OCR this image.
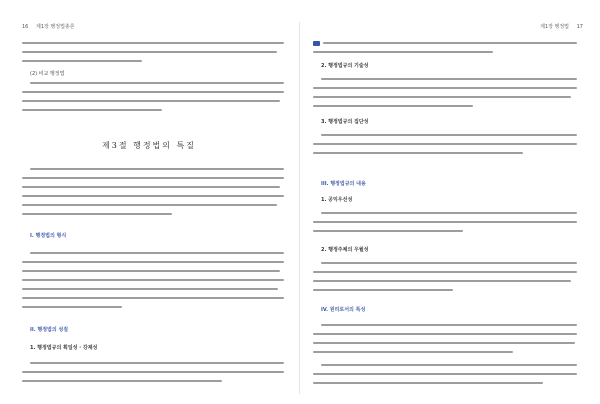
16 제1장 행정법총론
(2) 비교 행정법
제3절 행정법의 특질
I. 행정법의 형식
II. 행정법의 성질
1. 행정법규의 획일성 · 강제성
제1장 행정법 17
2. 행정법규의 기술성
3. 행정법규의 집단성
III. 행정법규의 내용
1. 공익우선성
2. 행정주체의 우월성
IV. 원리로서의 특성
